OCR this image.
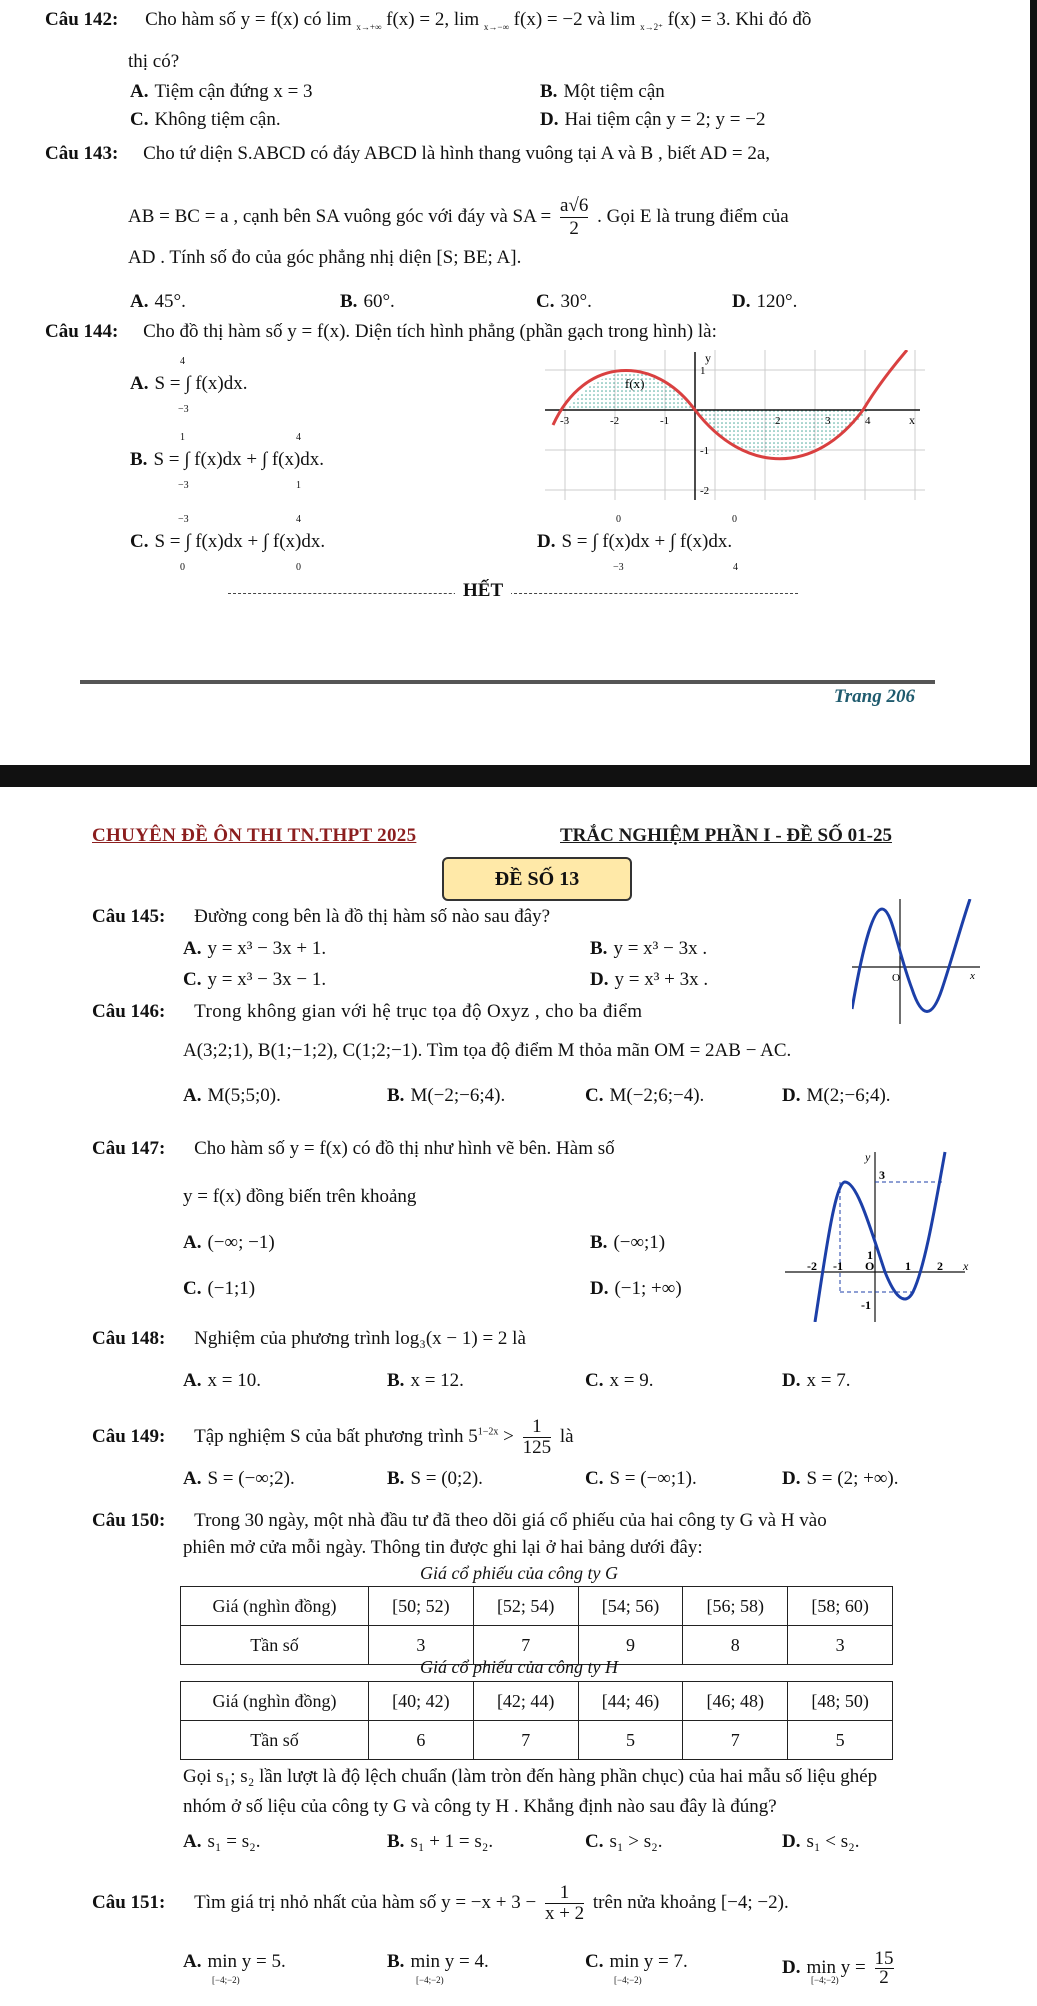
Câu 142: Cho hàm số y = f(x) có lim $_{x\to+\infty}$ f(x) = 2, lim $_{x\to-\infty}$ f(x) = −2 và lim $_{x\to 2^+}$ f(x) = 3. Khi đó đồ
thị có?
A. Tiệm cận đứng x = 3	B. Một tiệm cận
C. Không tiệm cận.	D. Hai tiệm cận y = 2; y = −2
Câu 143: Cho tứ diện S.ABCD có đáy ABCD là hình thang vuông tại A và B , biết AD = 2a,
AB = BC = a , cạnh bên SA vuông góc với đáy và SA = $\frac{a√6}{2}$ . Gọi E là trung điểm của
AD . Tính số đo của góc phẳng nhị diện [S; BE; A].
A. 45°.	B. 60°.	C. 30°.	D. 120°.
Câu 144: Cho đồ thị hàm số y = f(x). Diện tích hình phẳng (phần gạch trong hình) là:
A. S = ∫ f(x)dx.
4
−3
B. S = ∫ f(x)dx + ∫ f(x)dx.
1
−3
4
1
C. S = ∫ f(x)dx + ∫ f(x)dx.
−3
0
4
0
D. S = ∫ f(x)dx + ∫ f(x)dx.
0
−3
0
4
y
x
f(x)
-3	-2	-1	2	3	4
1
-1
-2
HẾT
Trang 206
CHUYÊN ĐỀ ÔN THI TN.THPT 2025	TRẮC NGHIỆM PHẦN I - ĐỀ SỐ 01-25
ĐỀ SỐ 13
Câu 145: Đường cong bên là đồ thị hàm số nào sau đây?
A. y = x³ − 3x + 1.	B. y = x³ − 3x .
C. y = x³ − 3x − 1.	D. y = x³ + 3x .	O	x
Câu 146: Trong không gian với hệ trục tọa độ Oxyz , cho ba điểm
A(3;2;1), B(1;−1;2), C(1;2;−1). Tìm tọa độ điểm M thỏa mãn OM = 2AB − AC.
A. M(5;5;0).	B. M(−2;−6;4).	C. M(−2;6;−4).	D. M(2;−6;4).
Câu 147: Cho hàm số y = f(x) có đồ thị như hình vẽ bên. Hàm số
y = f(x) đồng biến trên khoảng
A. (−∞; −1)	B. (−∞;1)
C. (−1;1)	D. (−1; +∞)
-2 -1 O	1 2 x
y
3
1
-1
Câu 148: Nghiệm của phương trình log₃(x − 1) = 2 là
A. x = 10.	B. x = 12.	C. x = 9.	D. x = 7.
Câu 149: Tập nghiệm S của bất phương trình $5^{1-2x} > \frac{1}{125}$ là
A. S = (−∞;2).	B. S = (0;2).	C. S = (−∞;1).	D. S = (2; +∞).
Câu 150: Trong 30 ngày, một nhà đầu tư đã theo dõi giá cổ phiếu của hai công ty G và H vào
phiên mở cửa mỗi ngày. Thông tin được ghi lại ở hai bảng dưới đây:
Giá cổ phiếu của công ty G
Giá (nghìn đồng)	[50; 52)	[52; 54)	[54; 56)	[56; 58)	[58; 60)
Tần số	3	7	9	8	3
Giá cổ phiếu của công ty H
Giá (nghìn đồng)	[40; 42)	[42; 44)	[44; 46)	[46; 48)	[48; 50)
Tần số	6	7	5	7	5
Gọi s₁; s₂ lần lượt là độ lệch chuẩn (làm tròn đến hàng phần chục) của hai mẫu số liệu ghép
nhóm ở số liệu của công ty G và công ty H . Khẳng định nào sau đây là đúng?
A. s₁ = s₂.	B. s₁ + 1 = s₂.	C. s₁ > s₂.	D. s₁ < s₂.
Câu 151: Tìm giá trị nhỏ nhất của hàm số $y = -x + 3 - \frac{1}{x + 2}$ trên nửa khoảng [−4; −2).
A. min y = 5.
[−4;−2)
B. min y = 4.
[−4;−2)
C. min y = 7.
[−4;−2)
D. $\min y = \frac{15}{2}$
[−4;−2)
